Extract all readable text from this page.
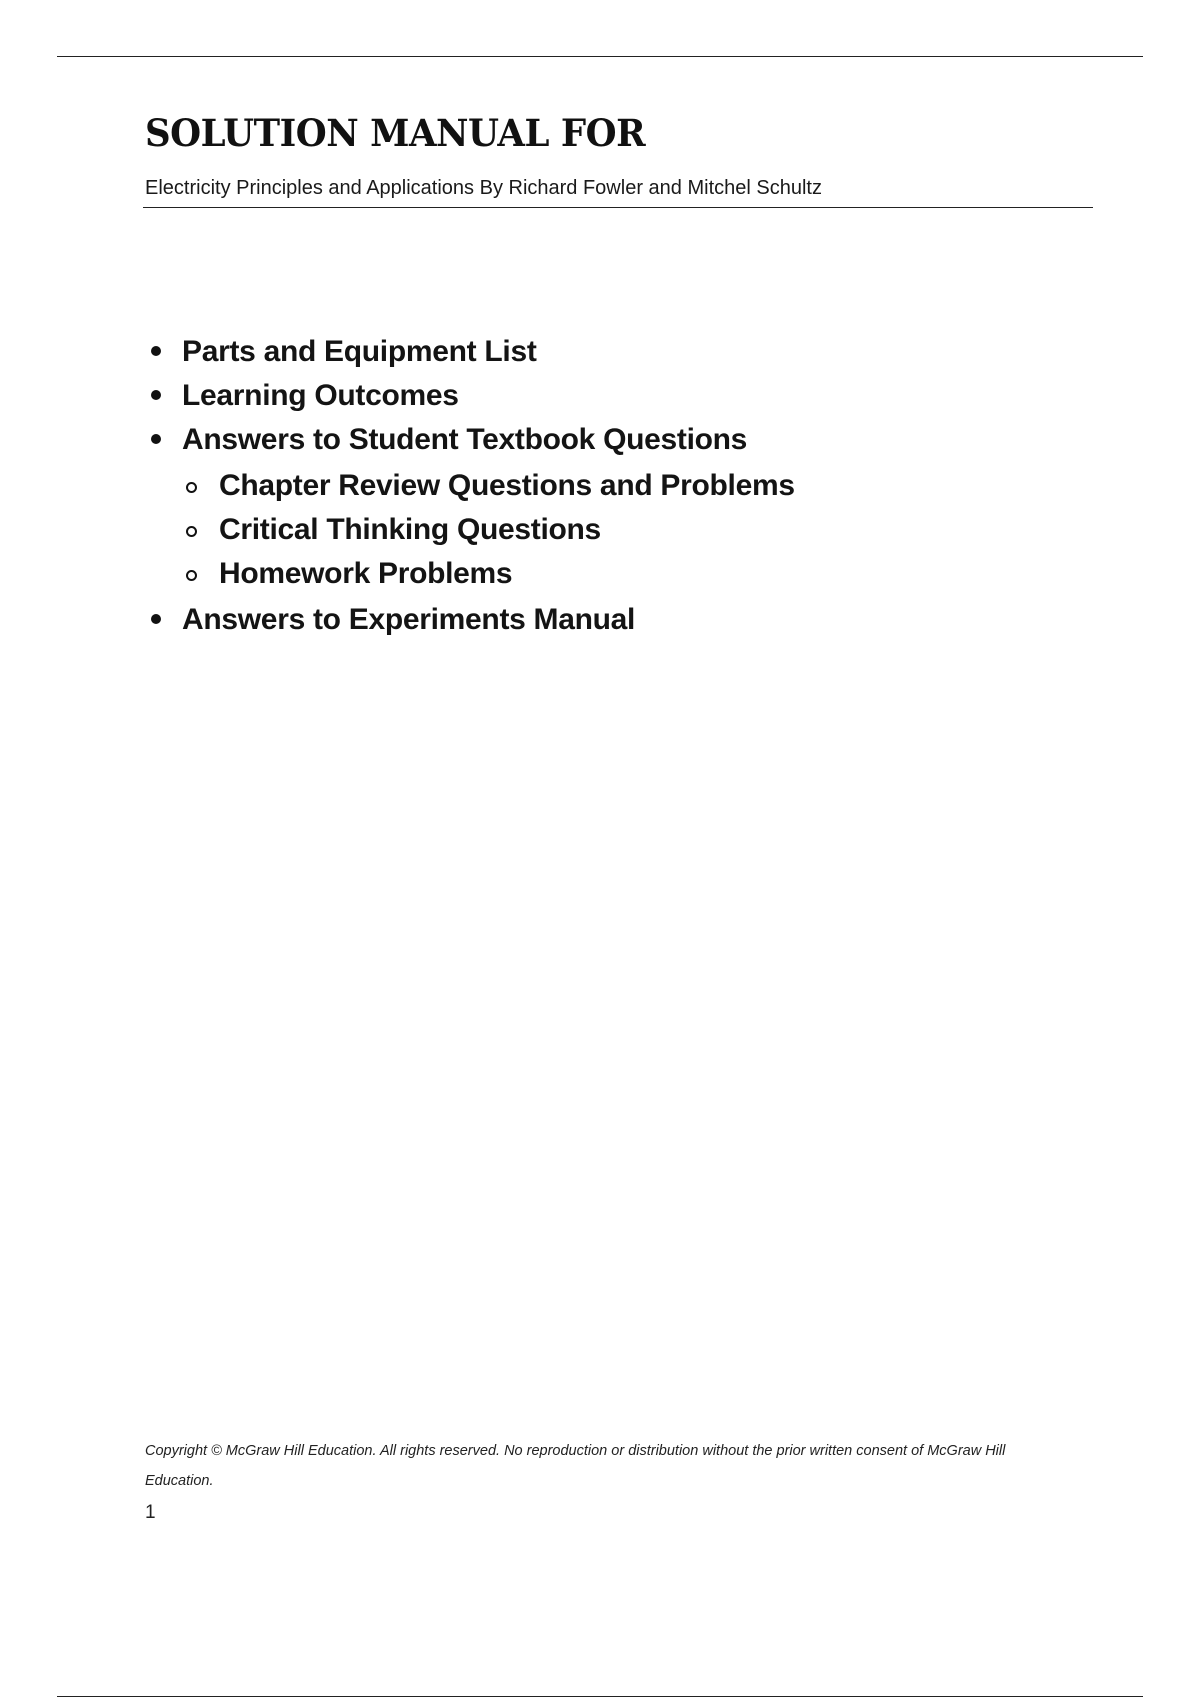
SOLUTION MANUAL FOR

Electricity Principles and Applications By Richard Fowler and Mitchel Schultz

Parts and Equipment List
Learning Outcomes
Answers to Student Textbook Questions
Chapter Review Questions and Problems
Critical Thinking Questions
Homework Problems
Answers to Experiments Manual

Copyright © McGraw Hill Education. All rights reserved. No reproduction or distribution without the prior written consent of McGraw Hill Education.

1
